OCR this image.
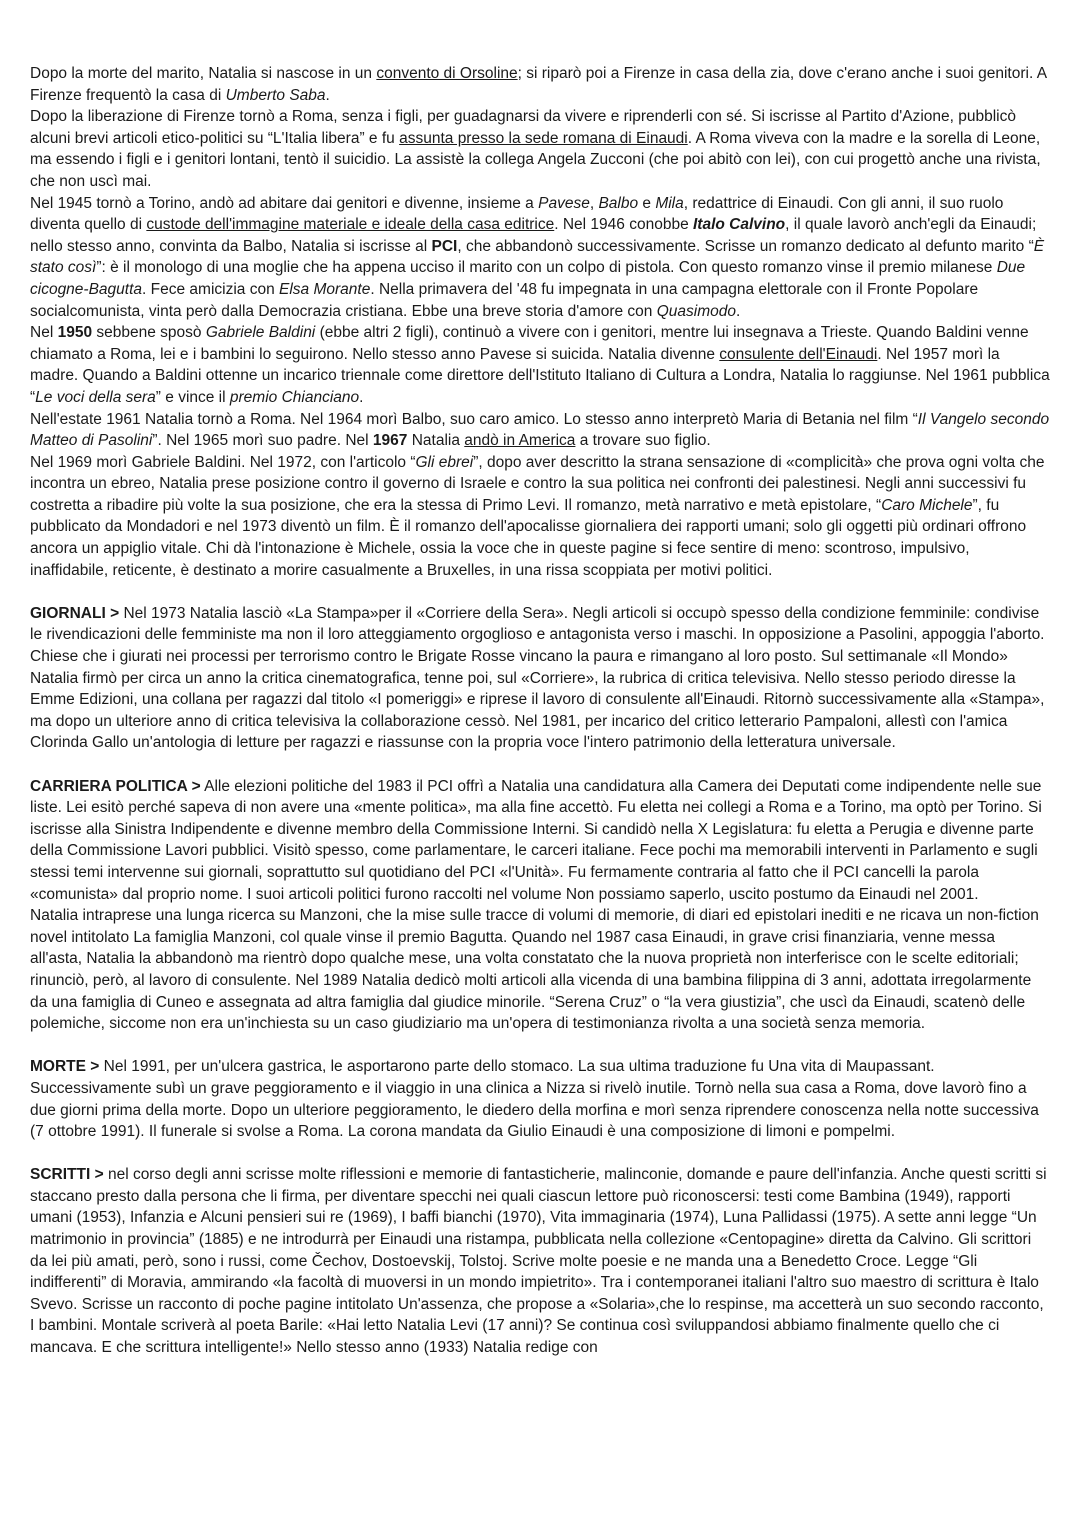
Dopo la morte del marito, Natalia si nascose in un convento di Orsoline; si riparò poi a Firenze in casa della zia, dove c'erano anche i suoi genitori. A Firenze frequentò la casa di Umberto Saba.

Dopo la liberazione di Firenze tornò a Roma, senza i figli, per guadagnarsi da vivere e riprenderli con sé. Si iscrisse al Partito d'Azione, pubblicò alcuni brevi articoli etico-politici su “L'Italia libera” e fu assunta presso la sede romana di Einaudi. A Roma viveva con la madre e la sorella di Leone, ma essendo i figli e i genitori lontani, tentò il suicidio. La assistè la collega Angela Zucconi (che poi abitò con lei), con cui progettò anche una rivista, che non uscì mai.

Nel 1945 tornò a Torino, andò ad abitare dai genitori e divenne, insieme a Pavese, Balbo e Mila, redattrice di Einaudi. Con gli anni, il suo ruolo diventa quello di custode dell'immagine materiale e ideale della casa editrice. Nel 1946 conobbe Italo Calvino, il quale lavorò anch'egli da Einaudi; nello stesso anno, convinta da Balbo, Natalia si iscrisse al PCI, che abbandonò successivamente. Scrisse un romanzo dedicato al defunto marito “È stato così”: è il monologo di una moglie che ha appena ucciso il marito con un colpo di pistola. Con questo romanzo vinse il premio milanese Due cicogne-Bagutta. Fece amicizia con Elsa Morante. Nella primavera del '48 fu impegnata in una campagna elettorale con il Fronte Popolare socialcomunista, vinta però dalla Democrazia cristiana. Ebbe una breve storia d'amore con Quasimodo.

Nel 1950 sebbene sposò Gabriele Baldini (ebbe altri 2 figli), continuò a vivere con i genitori, mentre lui insegnava a Trieste. Quando Baldini venne chiamato a Roma, lei e i bambini lo seguirono. Nello stesso anno Pavese si suicida. Natalia divenne consulente dell'Einaudi. Nel 1957 morì la madre. Quando a Baldini ottenne un incarico triennale come direttore dell'Istituto Italiano di Cultura a Londra, Natalia lo raggiunse. Nel 1961 pubblica “Le voci della sera” e vince il premio Chianciano.

Nell'estate 1961 Natalia tornò a Roma. Nel 1964 morì Balbo, suo caro amico. Lo stesso anno interpretò Maria di Betania nel film “Il Vangelo secondo Matteo di Pasolini”. Nel 1965 morì suo padre. Nel 1967 Natalia andò in America a trovare suo figlio.

Nel 1969 morì Gabriele Baldini. Nel 1972, con l'articolo “Gli ebrei”, dopo aver descritto la strana sensazione di «complicità» che prova ogni volta che incontra un ebreo, Natalia prese posizione contro il governo di Israele e contro la sua politica nei confronti dei palestinesi. Negli anni successivi fu costretta a ribadire più volte la sua posizione, che era la stessa di Primo Levi. Il romanzo, metà narrativo e metà epistolare, “Caro Michele”, fu pubblicato da Mondadori e nel 1973 diventò un film. È il romanzo dell'apocalisse giornaliera dei rapporti umani; solo gli oggetti più ordinari offrono ancora un appiglio vitale. Chi dà l'intonazione è Michele, ossia la voce che in queste pagine si fece sentire di meno: scontroso, impulsivo, inaffidabile, reticente, è destinato a morire casualmente a Bruxelles, in una rissa scoppiata per motivi politici.

GIORNALI > Nel 1973 Natalia lasciò «La Stampa»per il «Corriere della Sera». Negli articoli si occupò spesso della condizione femminile: condivise le rivendicazioni delle femministe ma non il loro atteggiamento orgoglioso e antagonista verso i maschi. In opposizione a Pasolini, appoggia l'aborto. Chiese che i giurati nei processi per terrorismo contro le Brigate Rosse vincano la paura e rimangano al loro posto. Sul settimanale «Il Mondo» Natalia firmò per circa un anno la critica cinematografica, tenne poi, sul «Corriere», la rubrica di critica televisiva. Nello stesso periodo diresse la Emme Edizioni, una collana per ragazzi dal titolo «I pomeriggi» e riprese il lavoro di consulente all'Einaudi. Ritornò successivamente alla «Stampa», ma dopo un ulteriore anno di critica televisiva la collaborazione cessò. Nel 1981, per incarico del critico letterario Pampaloni, allestì con l'amica Clorinda Gallo un'antologia di letture per ragazzi e riassunse con la propria voce l'intero patrimonio della letteratura universale.

CARRIERA POLITICA > Alle elezioni politiche del 1983 il PCI offrì a Natalia una candidatura alla Camera dei Deputati come indipendente nelle sue liste. Lei esitò perché sapeva di non avere una «mente politica», ma alla fine accettò. Fu eletta nei collegi a Roma e a Torino, ma optò per Torino. Si iscrisse alla Sinistra Indipendente e divenne membro della Commissione Interni. Si candidò nella X Legislatura: fu eletta a Perugia e divenne parte della Commissione Lavori pubblici. Visitò spesso, come parlamentare, le carceri italiane. Fece pochi ma memorabili interventi in Parlamento e sugli stessi temi intervenne sui giornali, soprattutto sul quotidiano del PCI «l'Unità». Fu fermamente contraria al fatto che il PCI cancelli la parola «comunista» dal proprio nome. I suoi articoli politici furono raccolti nel volume Non possiamo saperlo, uscito postumo da Einaudi nel 2001.

Natalia intraprese una lunga ricerca su Manzoni, che la mise sulle tracce di volumi di memorie, di diari ed epistolari inediti e ne ricava un non-fiction novel intitolato La famiglia Manzoni, col quale vinse il premio Bagutta. Quando nel 1987 casa Einaudi, in grave crisi finanziaria, venne messa all'asta, Natalia la abbandonò ma rientrò dopo qualche mese, una volta constatato che la nuova proprietà non interferisce con le scelte editoriali; rinunciò, però, al lavoro di consulente. Nel 1989 Natalia dedicò molti articoli alla vicenda di una bambina filippina di 3 anni, adottata irregolarmente da una famiglia di Cuneo e assegnata ad altra famiglia dal giudice minorile. “Serena Cruz” o “la vera giustizia”, che uscì da Einaudi, scatenò delle polemiche, siccome non era un'inchiesta su un caso giudiziario ma un'opera di testimonianza rivolta a una società senza memoria.

MORTE > Nel 1991, per un'ulcera gastrica, le asportarono parte dello stomaco. La sua ultima traduzione fu Una vita di Maupassant. Successivamente subì un grave peggioramento e il viaggio in una clinica a Nizza si rivelò inutile. Tornò nella sua casa a Roma, dove lavorò fino a due giorni prima della morte. Dopo un ulteriore peggioramento, le diedero della morfina e morì senza riprendere conoscenza nella notte successiva (7 ottobre 1991). Il funerale si svolse a Roma. La corona mandata da Giulio Einaudi è una composizione di limoni e pompelmi.

SCRITTI > nel corso degli anni scrisse molte riflessioni e memorie di fantasticherie, malinconie, domande e paure dell'infanzia. Anche questi scritti si staccano presto dalla persona che li firma, per diventare specchi nei quali ciascun lettore può riconoscersi: testi come Bambina (1949), rapporti umani (1953), Infanzia e Alcuni pensieri sui re (1969), I baffi bianchi (1970), Vita immaginaria (1974), Luna Pallidassi (1975). A sette anni legge “Un matrimonio in provincia” (1885) e ne introdurrà per Einaudi una ristampa, pubblicata nella collezione «Centopagine» diretta da Calvino. Gli scrittori da lei più amati, però, sono i russi, come Čechov, Dostoevskij, Tolstoj. Scrive molte poesie e ne manda una a Benedetto Croce. Legge “Gli indifferenti” di Moravia, ammirando «la facoltà di muoversi in un mondo impietrito». Tra i contemporanei italiani l'altro suo maestro di scrittura è Italo Svevo. Scrisse un racconto di poche pagine intitolato Un'assenza, che propose a «Solaria»,che lo respinse, ma accetterà un suo secondo racconto, I bambini. Montale scriverà al poeta Barile: «Hai letto Natalia Levi (17 anni)? Se continua così sviluppandosi abbiamo finalmente quello che ci mancava. E che scrittura intelligente!» Nello stesso anno (1933) Natalia redige con
